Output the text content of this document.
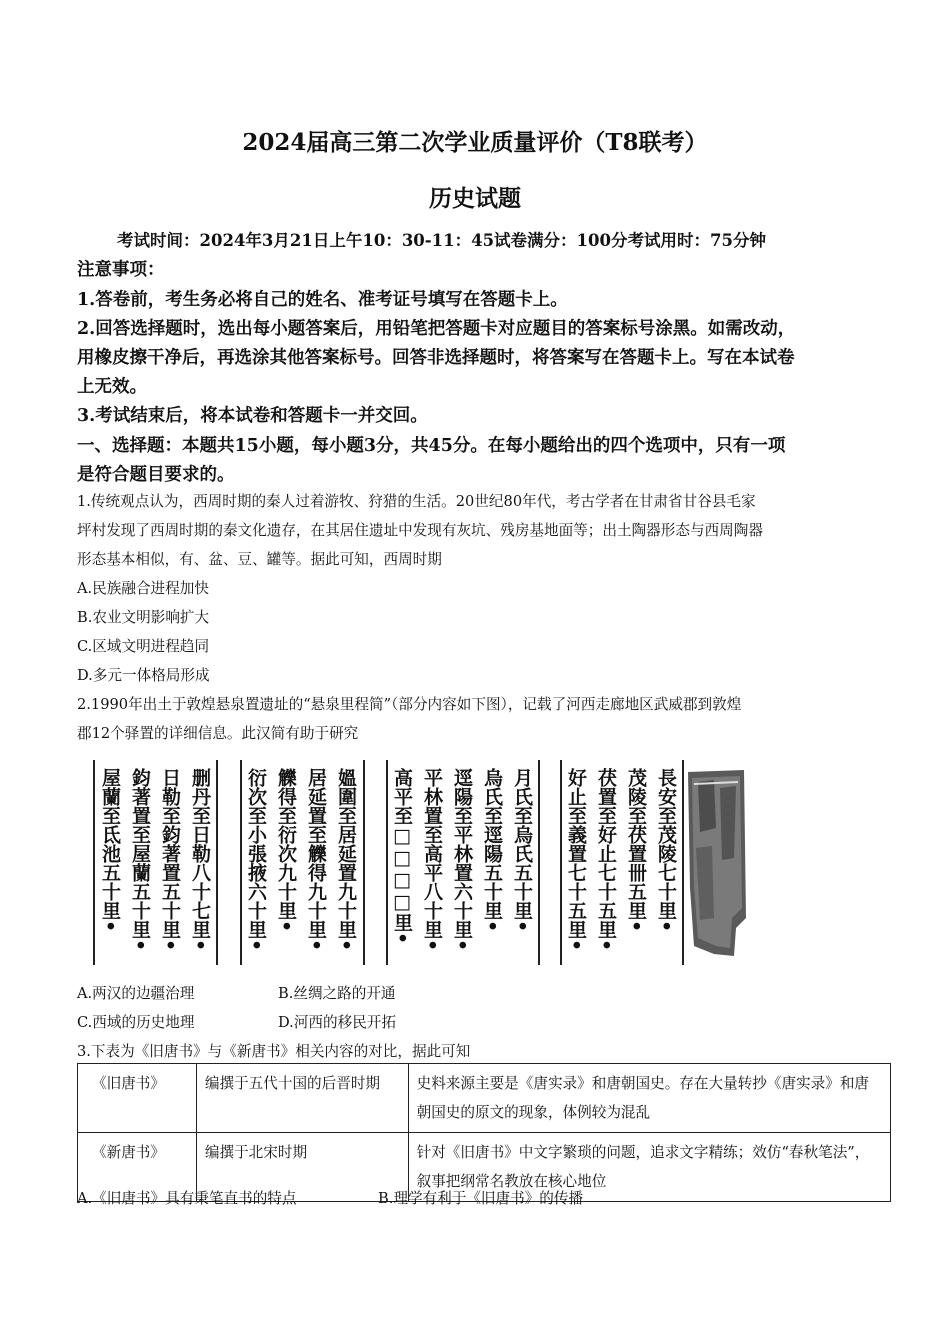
2024届高三第二次学业质量评价（T8联考）
历史试题
考试时间：2024年3月21日上午10：30-11：45试卷满分：100分考试用时：75分钟
注意事项：
1.答卷前，考生务必将自己的姓名、准考证号填写在答题卡上。
2.回答选择题时，选出每小题答案后，用铅笔把答题卡对应题目的答案标号涂黑。如需改动，
用橡皮擦干净后，再选涂其他答案标号。回答非选择题时，将答案写在答题卡上。写在本试卷
上无效。
3.考试结束后，将本试卷和答题卡一并交回。
一、选择题：本题共15小题，每小题3分，共45分。在每小题给出的四个选项中，只有一项
是符合题目要求的。
1.传统观点认为，西周时期的秦人过着游牧、狩猎的生活。20世纪80年代，考古学者在甘肃省甘谷县毛家
坪村发现了西周时期的秦文化遗存，在其居住遗址中发现有灰坑、残房基地面等；出土陶器形态与西周陶器
形态基本相似，有、盆、豆、罐等。据此可知，西周时期
A.民族融合进程加快
B.农业文明影响扩大
C.区域文明进程趋同
D.多元一体格局形成
2.1990年出土于敦煌悬泉置遗址的“悬泉里程简”（部分内容如下图），记载了河西走廊地区武威郡到敦煌
郡12个驿置的详细信息。此汉简有助于研究
屋蘭至氐池五十里• 鈞著置至屋蘭五十里• 日勒至鈞著置五十里• 删丹至日勒八十七里• 衍次至小張掖六十里• 觻得至衍次九十里• 居延置至觻得九十里• 媼圍至居延置九十里• 高平至□□□□里• 平林置至高平八十里• 逕陽至平林置六十里• 烏氏至逕陽五十里• 月氏至烏氏五十里• 好止至義置七十五里• 茯置至好止七十五里• 茂陵至茯置卌五里• 長安至茂陵七十里•
A.两汉的边疆治理	B.丝绸之路的开通
C.西域的历史地理	D.河西的移民开拓
3.下表为《旧唐书》与《新唐书》相关内容的对比，据此可知
《旧唐书》	编撰于五代十国的后晋时期	史料来源主要是《唐实录》和唐朝国史。存在大量转抄《唐实录》和唐朝国史的原文的现象，体例较为混乱
《新唐书》	编撰于北宋时期	针对《旧唐书》中文字繁琐的问题，追求文字精练；效仿“春秋笔法”，叙事把纲常名教放在核心地位
A.《旧唐书》具有秉笔直书的特点	B.理学有利于《旧唐书》的传播
